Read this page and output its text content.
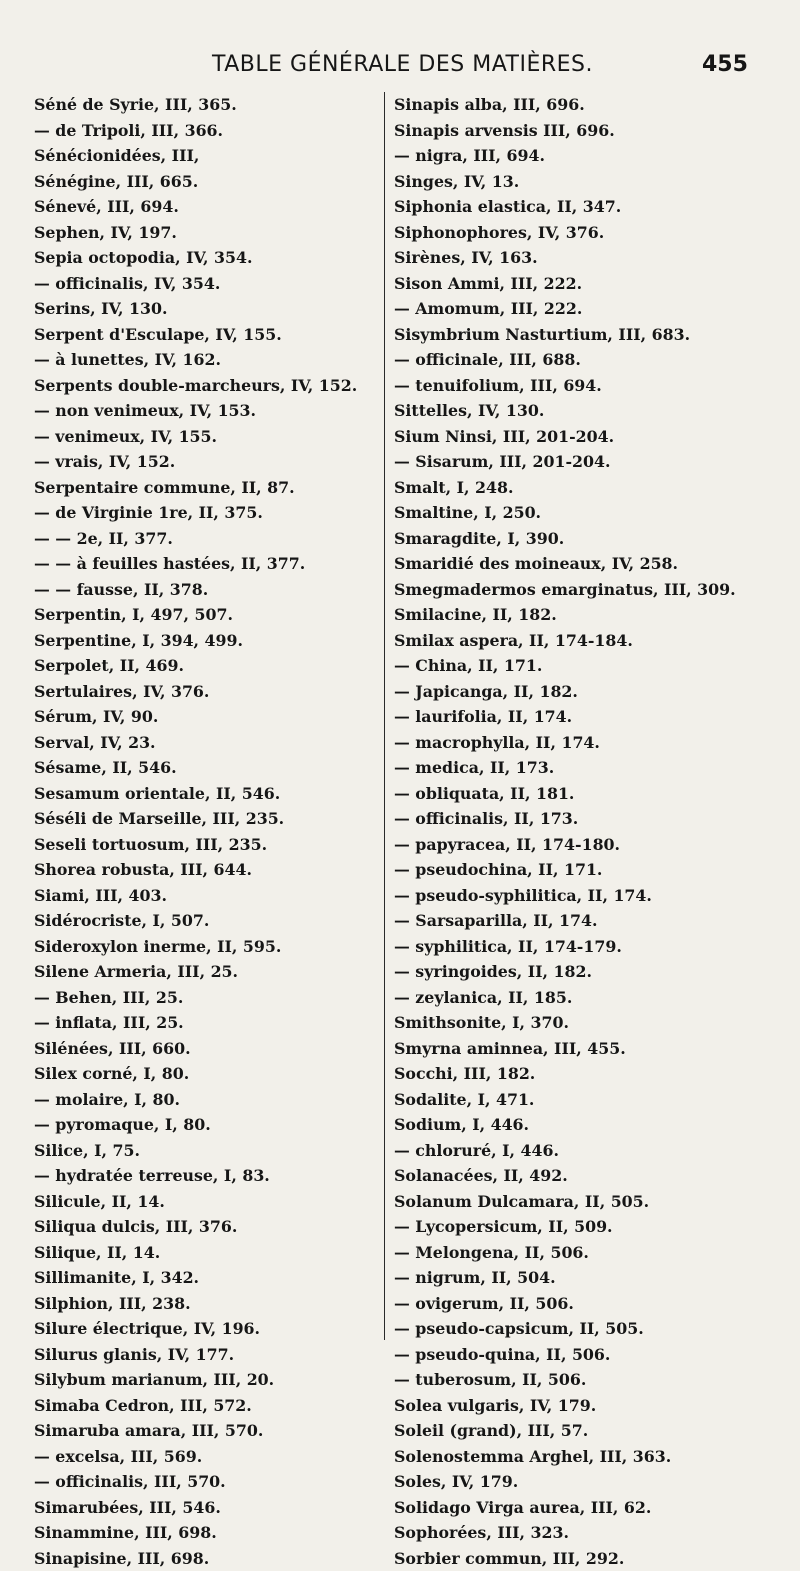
TABLE GÉNÉRALE DES MATIÈRES.	455
Séné de Syrie, III, 365.
— de Tripoli, III, 366.
Sénécionidées, III,
Sénégine, III, 665.
Sénevé, III, 694.
Sephen, IV, 197.
Sepia octopodia, IV, 354.
— officinalis, IV, 354.
Serins, IV, 130.
Serpent d'Esculape, IV, 155.
— à lunettes, IV, 162.
Serpents double-marcheurs, IV, 152.
— non venimeux, IV, 153.
— venimeux, IV, 155.
— vrais, IV, 152.
Serpentaire commune, II, 87.
— de Virginie 1re, II, 375.
— — 2e, II, 377.
— — à feuilles hastées, II, 377.
— — fausse, II, 378.
Serpentin, I, 497, 507.
Serpentine, I, 394, 499.
Serpolet, II, 469.
Sertulaires, IV, 376.
Sérum, IV, 90.
Serval, IV, 23.
Sésame, II, 546.
Sesamum orientale, II, 546.
Séséli de Marseille, III, 235.
Seseli tortuosum, III, 235.
Shorea robusta, III, 644.
Siami, III, 403.
Sidérocriste, I, 507.
Sideroxylon inerme, II, 595.
Silene Armeria, III, 25.
— Behen, III, 25.
— inflata, III, 25.
Silénées, III, 660.
Silex corné, I, 80.
— molaire, I, 80.
— pyromaque, I, 80.
Silice, I, 75.
— hydratée terreuse, I, 83.
Silicule, II, 14.
Siliqua dulcis, III, 376.
Silique, II, 14.
Sillimanite, I, 342.
Silphion, III, 238.
Silure électrique, IV, 196.
Silurus glanis, IV, 177.
Silybum marianum, III, 20.
Simaba Cedron, III, 572.
Simaruba amara, III, 570.
— excelsa, III, 569.
— officinalis, III, 570.
Simarubées, III, 546.
Sinammine, III, 698.
Sinapisine, III, 698.
Sinapis alba, III, 696.
Sinapis arvensis III, 696.
— nigra, III, 694.
Singes, IV, 13.
Siphonia elastica, II, 347.
Siphonophores, IV, 376.
Sirènes, IV, 163.
Sison Ammi, III, 222.
— Amomum, III, 222.
Sisymbrium Nasturtium, III, 683.
— officinale, III, 688.
— tenuifolium, III, 694.
Sittelles, IV, 130.
Sium Ninsi, III, 201-204.
— Sisarum, III, 201-204.
Smalt, I, 248.
Smaltine, I, 250.
Smaragdite, I, 390.
Smaridié des moineaux, IV, 258.
Smegmadermos emarginatus, III, 309.
Smilacine, II, 182.
Smilax aspera, II, 174-184.
— China, II, 171.
— Japicanga, II, 182.
— laurifolia, II, 174.
— macrophylla, II, 174.
— medica, II, 173.
— obliquata, II, 181.
— officinalis, II, 173.
— papyracea, II, 174-180.
— pseudochina, II, 171.
— pseudo-syphilitica, II, 174.
— Sarsaparilla, II, 174.
— syphilitica, II, 174-179.
— syringoides, II, 182.
— zeylanica, II, 185.
Smithsonite, I, 370.
Smyrna aminnea, III, 455.
Socchi, III, 182.
Sodalite, I, 471.
Sodium, I, 446.
— chloruré, I, 446.
Solanacées, II, 492.
Solanum Dulcamara, II, 505.
— Lycopersicum, II, 509.
— Melongena, II, 506.
— nigrum, II, 504.
— ovigerum, II, 506.
— pseudo-capsicum, II, 505.
— pseudo-quina, II, 506.
— tuberosum, II, 506.
Solea vulgaris, IV, 179.
Soleil (grand), III, 57.
Solenostemma Arghel, III, 363.
Soles, IV, 179.
Solidago Virga aurea, III, 62.
Sophorées, III, 323.
Sorbier commun, III, 292.
